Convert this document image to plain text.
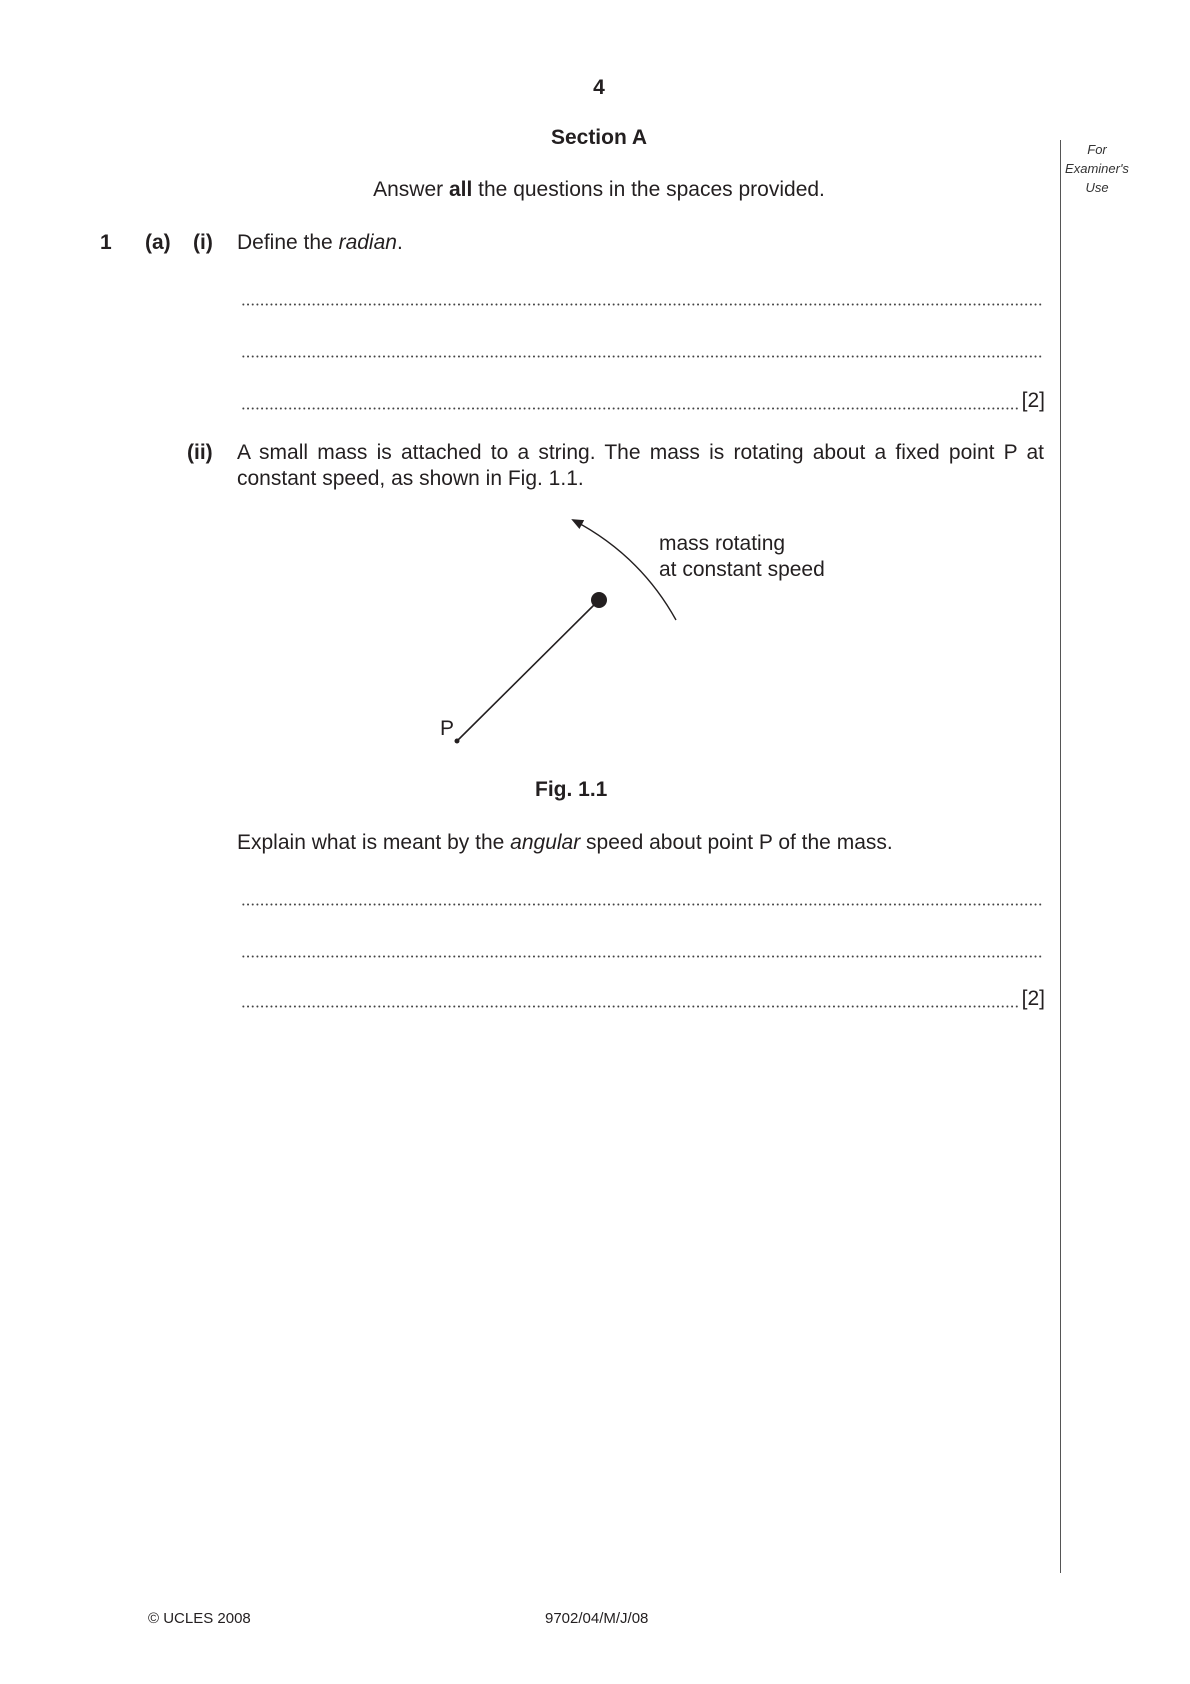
4
Section A
Answer all the questions in the spaces provided.
For
Examiner's
Use
1 (a) (i) Define the radian.
[2]
(ii) A small mass is attached to a string. The mass is rotating about a fixed point P at
constant speed, as shown in Fig. 1.1.
P
mass rotating
at constant speed
Fig. 1.1
Explain what is meant by the angular speed about point P of the mass.
[2]
© UCLES 2008	9702/04/M/J/08
